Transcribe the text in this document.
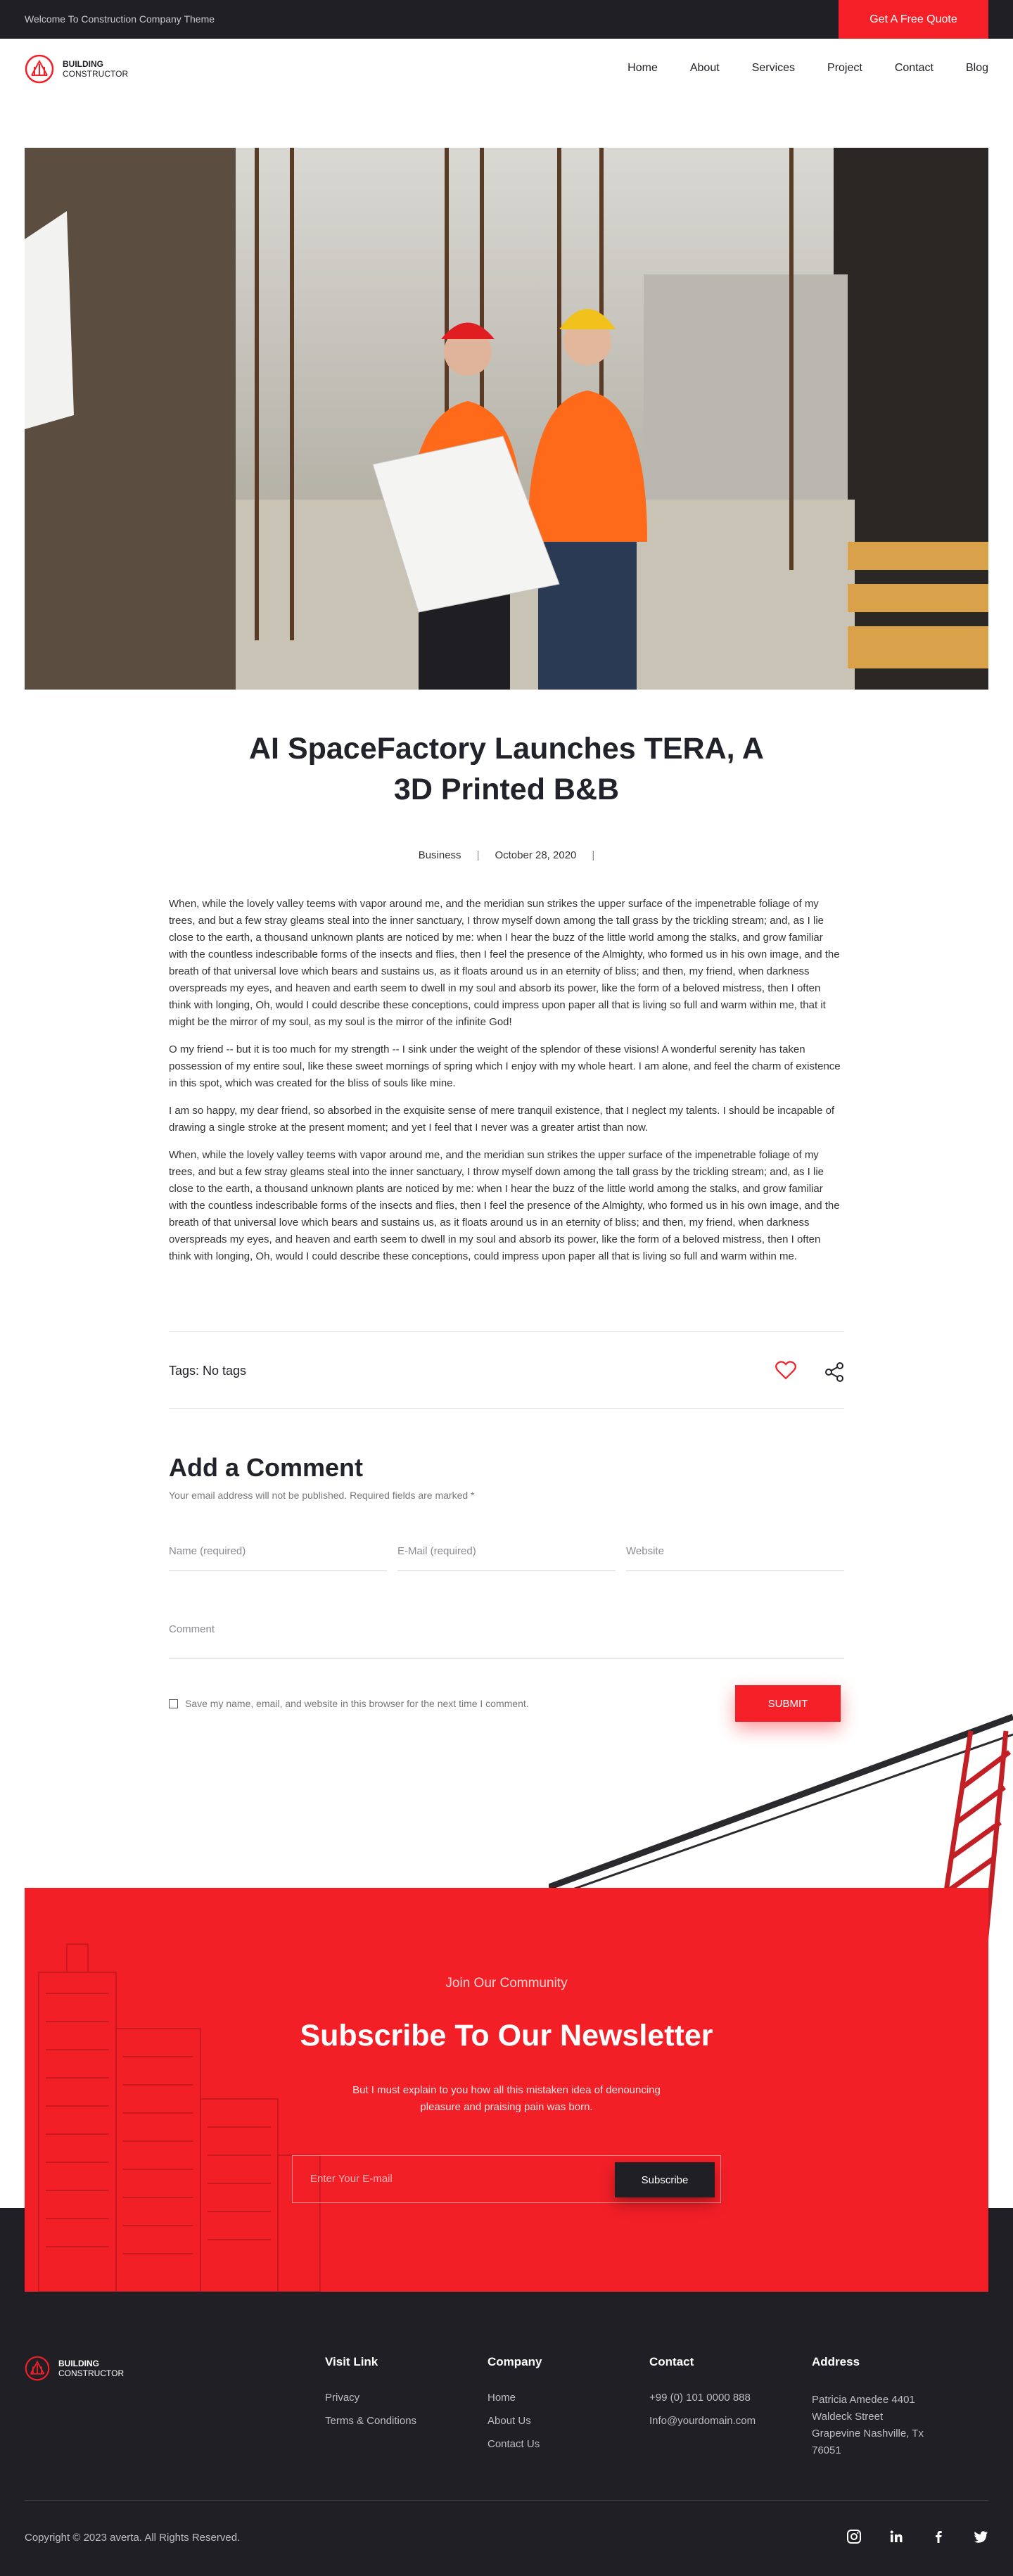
Welcome To Construction Company Theme	Get A Free Quote
BUILDING
CONSTRUCTOR	Home	About	Services	Project	Contact	Blog
AI SpaceFactory Launches TERA, A
3D Printed B&B
Business | October 28, 2020 |

When, while the lovely valley teems with vapor around me, and the meridian sun strikes the upper surface of the impenetrable foliage of my trees, and but a few stray gleams steal into the inner sanctuary, I throw myself down among the tall grass by the trickling stream; and, as I lie close to the earth, a thousand unknown plants are noticed by me: when I hear the buzz of the little world among the stalks, and grow familiar with the countless indescribable forms of the insects and flies, then I feel the presence of the Almighty, who formed us in his own image, and the breath of that universal love which bears and sustains us, as it floats around us in an eternity of bliss; and then, my friend, when darkness overspreads my eyes, and heaven and earth seem to dwell in my soul and absorb its power, like the form of a beloved mistress, then I often think with longing, Oh, would I could describe these conceptions, could impress upon paper all that is living so full and warm within me, that it might be the mirror of my soul, as my soul is the mirror of the infinite God!

O my friend -- but it is too much for my strength -- I sink under the weight of the splendor of these visions! A wonderful serenity has taken possession of my entire soul, like these sweet mornings of spring which I enjoy with my whole heart. I am alone, and feel the charm of existence in this spot, which was created for the bliss of souls like mine.

I am so happy, my dear friend, so absorbed in the exquisite sense of mere tranquil existence, that I neglect my talents. I should be incapable of drawing a single stroke at the present moment; and yet I feel that I never was a greater artist than now.

When, while the lovely valley teems with vapor around me, and the meridian sun strikes the upper surface of the impenetrable foliage of my trees, and but a few stray gleams steal into the inner sanctuary, I throw myself down among the tall grass by the trickling stream; and, as I lie close to the earth, a thousand unknown plants are noticed by me: when I hear the buzz of the little world among the stalks, and grow familiar with the countless indescribable forms of the insects and flies, then I feel the presence of the Almighty, who formed us in his own image, and the breath of that universal love which bears and sustains us, as it floats around us in an eternity of bliss; and then, my friend, when darkness overspreads my eyes, and heaven and earth seem to dwell in my soul and absorb its power, like the form of a beloved mistress, then I often think with longing, Oh, would I could describe these conceptions, could impress upon paper all that is living so full and warm within me.

Tags: No tags
Add a Comment

Your email address will not be published. Required fields are marked *

Name (required)	E-Mail (required)	Website
Comment
Save my name, email, and website in this browser for the next time I comment.	SUBMIT

Join Our Community

Subscribe To Our Newsletter

But I must explain to you how all this mistaken idea of denouncing
pleasure and praising pain was born.

Enter Your E-mail	Subscribe
BUILDING
CONSTRUCTOR
Visit Link
Privacy
Terms & Conditions
Company
Home
About Us
Contact Us
Contact
+99 (0) 101 0000 888
Info@yourdomain.com
Address
Patricia Amedee 4401
Waldeck Street
Grapevine Nashville, Tx
76051

Copyright © 2023 averta. All Rights Reserved.
